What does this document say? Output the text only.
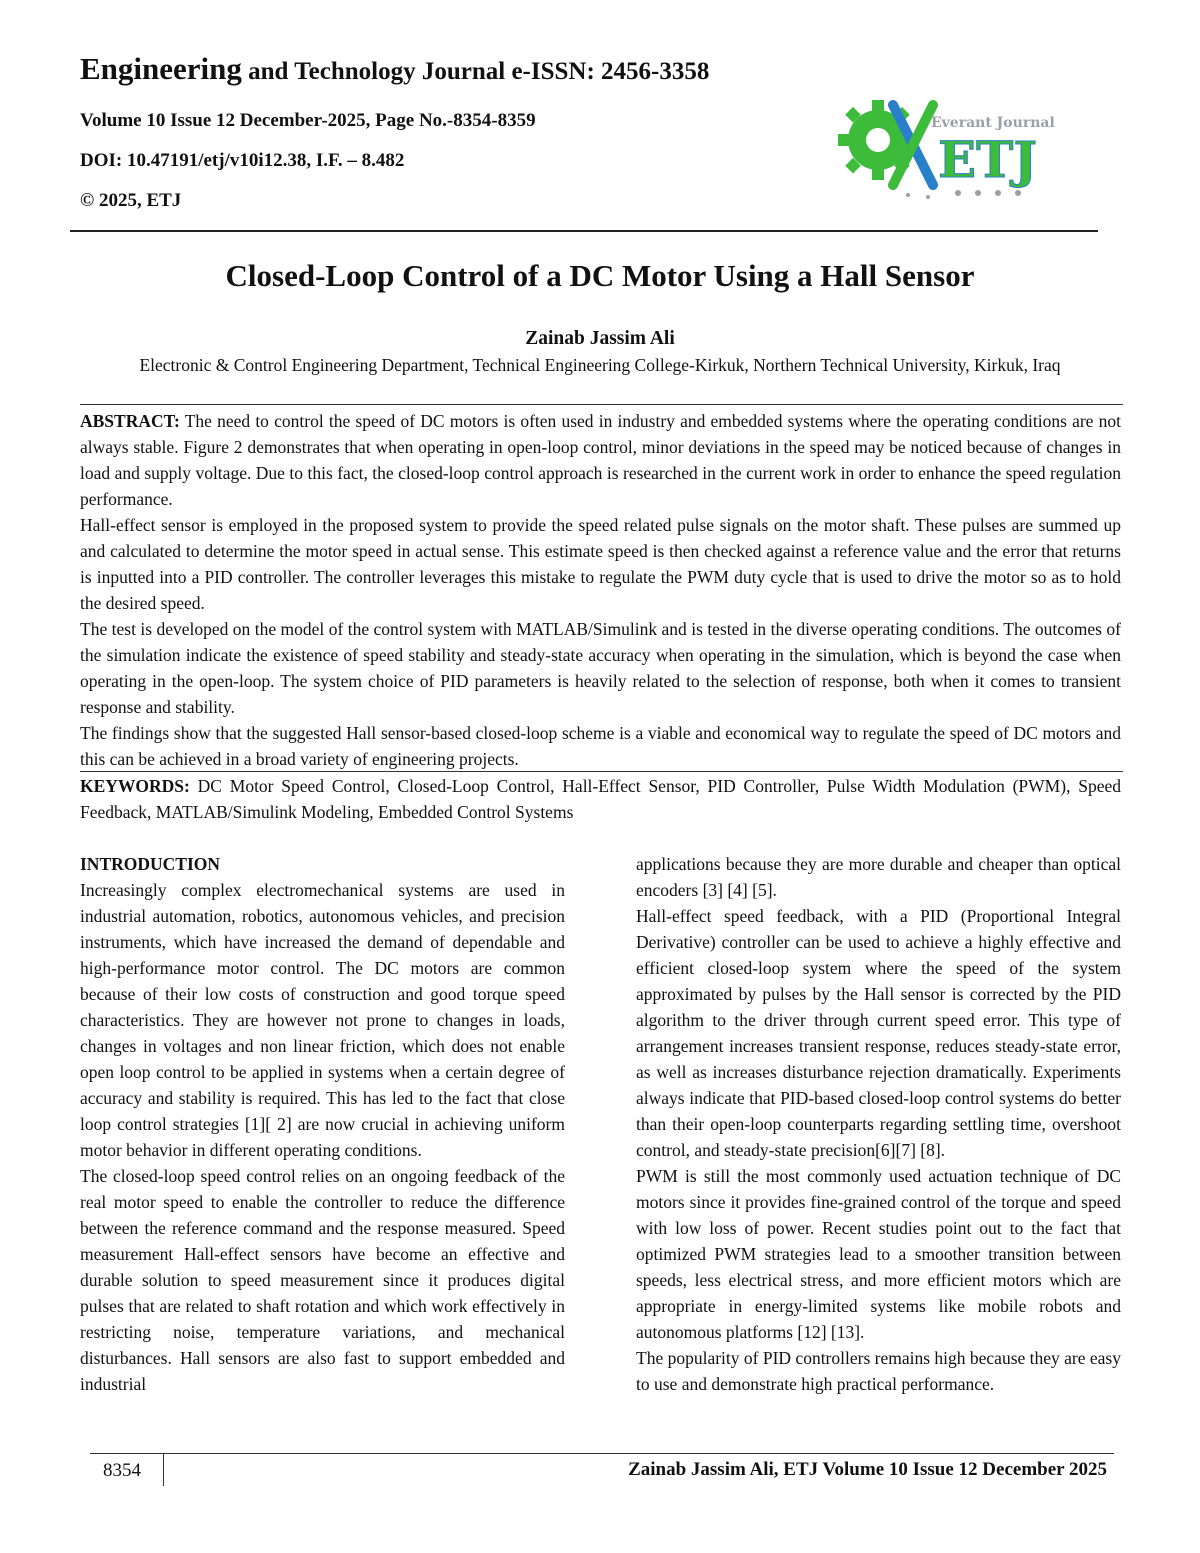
Engineering and Technology Journal e-ISSN: 2456-3358
Volume 10 Issue 12 December-2025, Page No.-8354-8359
DOI: 10.47191/etj/v10i12.38, I.F. – 8.482
© 2025, ETJ
Everant Journal
ETJ
Closed-Loop Control of a DC Motor Using a Hall Sensor
Zainab Jassim Ali
Electronic & Control Engineering Department, Technical Engineering College-Kirkuk, Northern Technical University, Kirkuk, Iraq

ABSTRACT: The need to control the speed of DC motors is often used in industry and embedded systems where the operating conditions are not always stable. Figure 2 demonstrates that when operating in open-loop control, minor deviations in the speed may be noticed because of changes in load and supply voltage. Due to this fact, the closed-loop control approach is researched in the current work in order to enhance the speed regulation performance.

Hall-effect sensor is employed in the proposed system to provide the speed related pulse signals on the motor shaft. These pulses are summed up and calculated to determine the motor speed in actual sense. This estimate speed is then checked against a reference value and the error that returns is inputted into a PID controller. The controller leverages this mistake to regulate the PWM duty cycle that is used to drive the motor so as to hold the desired speed.

The test is developed on the model of the control system with MATLAB/Simulink and is tested in the diverse operating conditions. The outcomes of the simulation indicate the existence of speed stability and steady-state accuracy when operating in the simulation, which is beyond the case when operating in the open-loop. The system choice of PID parameters is heavily related to the selection of response, both when it comes to transient response and stability.

The findings show that the suggested Hall sensor-based closed-loop scheme is a viable and economical way to regulate the speed of DC motors and this can be achieved in a broad variety of engineering projects.

KEYWORDS: DC Motor Speed Control, Closed-Loop Control, Hall-Effect Sensor, PID Controller, Pulse Width Modulation (PWM), Speed Feedback, MATLAB/Simulink Modeling, Embedded Control Systems

INTRODUCTION

Increasingly complex electromechanical systems are used in industrial automation, robotics, autonomous vehicles, and precision instruments, which have increased the demand of dependable and high-performance motor control. The DC motors are common because of their low costs of construction and good torque speed characteristics. They are however not prone to changes in loads, changes in voltages and non linear friction, which does not enable open loop control to be applied in systems when a certain degree of accuracy and stability is required. This has led to the fact that close loop control strategies [1][ 2] are now crucial in achieving uniform motor behavior in different operating conditions.

The closed-loop speed control relies on an ongoing feedback of the real motor speed to enable the controller to reduce the difference between the reference command and the response measured. Speed measurement Hall-effect sensors have become an effective and durable solution to speed measurement since it produces digital pulses that are related to shaft rotation and which work effectively in restricting noise, temperature variations, and mechanical disturbances. Hall sensors are also fast to support embedded and industrial

applications because they are more durable and cheaper than optical encoders [3] [4] [5].

Hall-effect speed feedback, with a PID (Proportional Integral Derivative) controller can be used to achieve a highly effective and efficient closed-loop system where the speed of the system approximated by pulses by the Hall sensor is corrected by the PID algorithm to the driver through current speed error. This type of arrangement increases transient response, reduces steady-state error, as well as increases disturbance rejection dramatically. Experiments always indicate that PID-based closed-loop control systems do better than their open-loop counterparts regarding settling time, overshoot control, and steady-state precision[6][7] [8].

PWM is still the most commonly used actuation technique of DC motors since it provides fine-grained control of the torque and speed with low loss of power. Recent studies point out to the fact that optimized PWM strategies lead to a smoother transition between speeds, less electrical stress, and more efficient motors which are appropriate in energy-limited systems like mobile robots and autonomous platforms [12] [13].

The popularity of PID controllers remains high because they are easy to use and demonstrate high practical performance.

8354	Zainab Jassim Ali, ETJ Volume 10 Issue 12 December 2025
